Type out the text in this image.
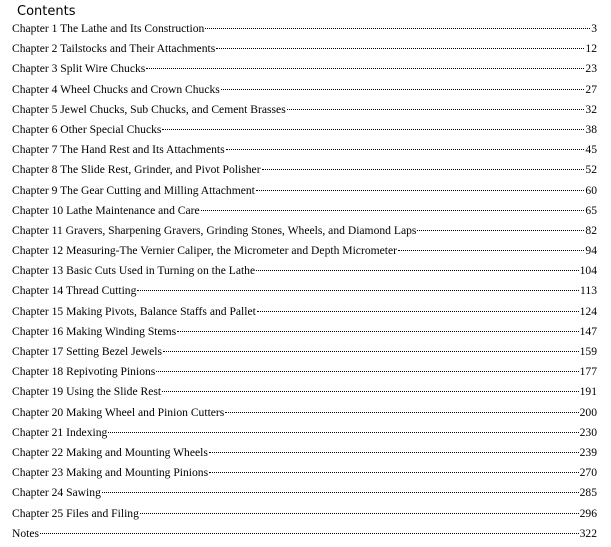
Contents
Chapter 1 The Lathe and Its Construction	3
Chapter 2 Tailstocks and Their Attachments	12
Chapter 3 Split Wire Chucks	23
Chapter 4 Wheel Chucks and Crown Chucks	27
Chapter 5 Jewel Chucks, Sub Chucks, and Cement Brasses	32
Chapter 6 Other Special Chucks	38
Chapter 7 The Hand Rest and Its Attachments	45
Chapter 8 The Slide Rest, Grinder, and Pivot Polisher	52
Chapter 9 The Gear Cutting and Milling Attachment	60
Chapter 10 Lathe Maintenance and Care	65
Chapter 11 Gravers, Sharpening Gravers, Grinding Stones, Wheels, and Diamond Laps	82
Chapter 12 Measuring-The Vernier Caliper, the Micrometer and Depth Micrometer	94
Chapter 13 Basic Cuts Used in Turning on the Lathe	104
Chapter 14 Thread Cutting	113
Chapter 15 Making Pivots, Balance Staffs and Pallet	124
Chapter 16 Making Winding Stems	147
Chapter 17 Setting Bezel Jewels	159
Chapter 18 Repivoting Pinions	177
Chapter 19 Using the Slide Rest	191
Chapter 20 Making Wheel and Pinion Cutters	200
Chapter 21 Indexing	230
Chapter 22 Making and Mounting Wheels	239
Chapter 23 Making and Mounting Pinions	270
Chapter 24 Sawing	285
Chapter 25 Files and Filing	296
Notes	322
